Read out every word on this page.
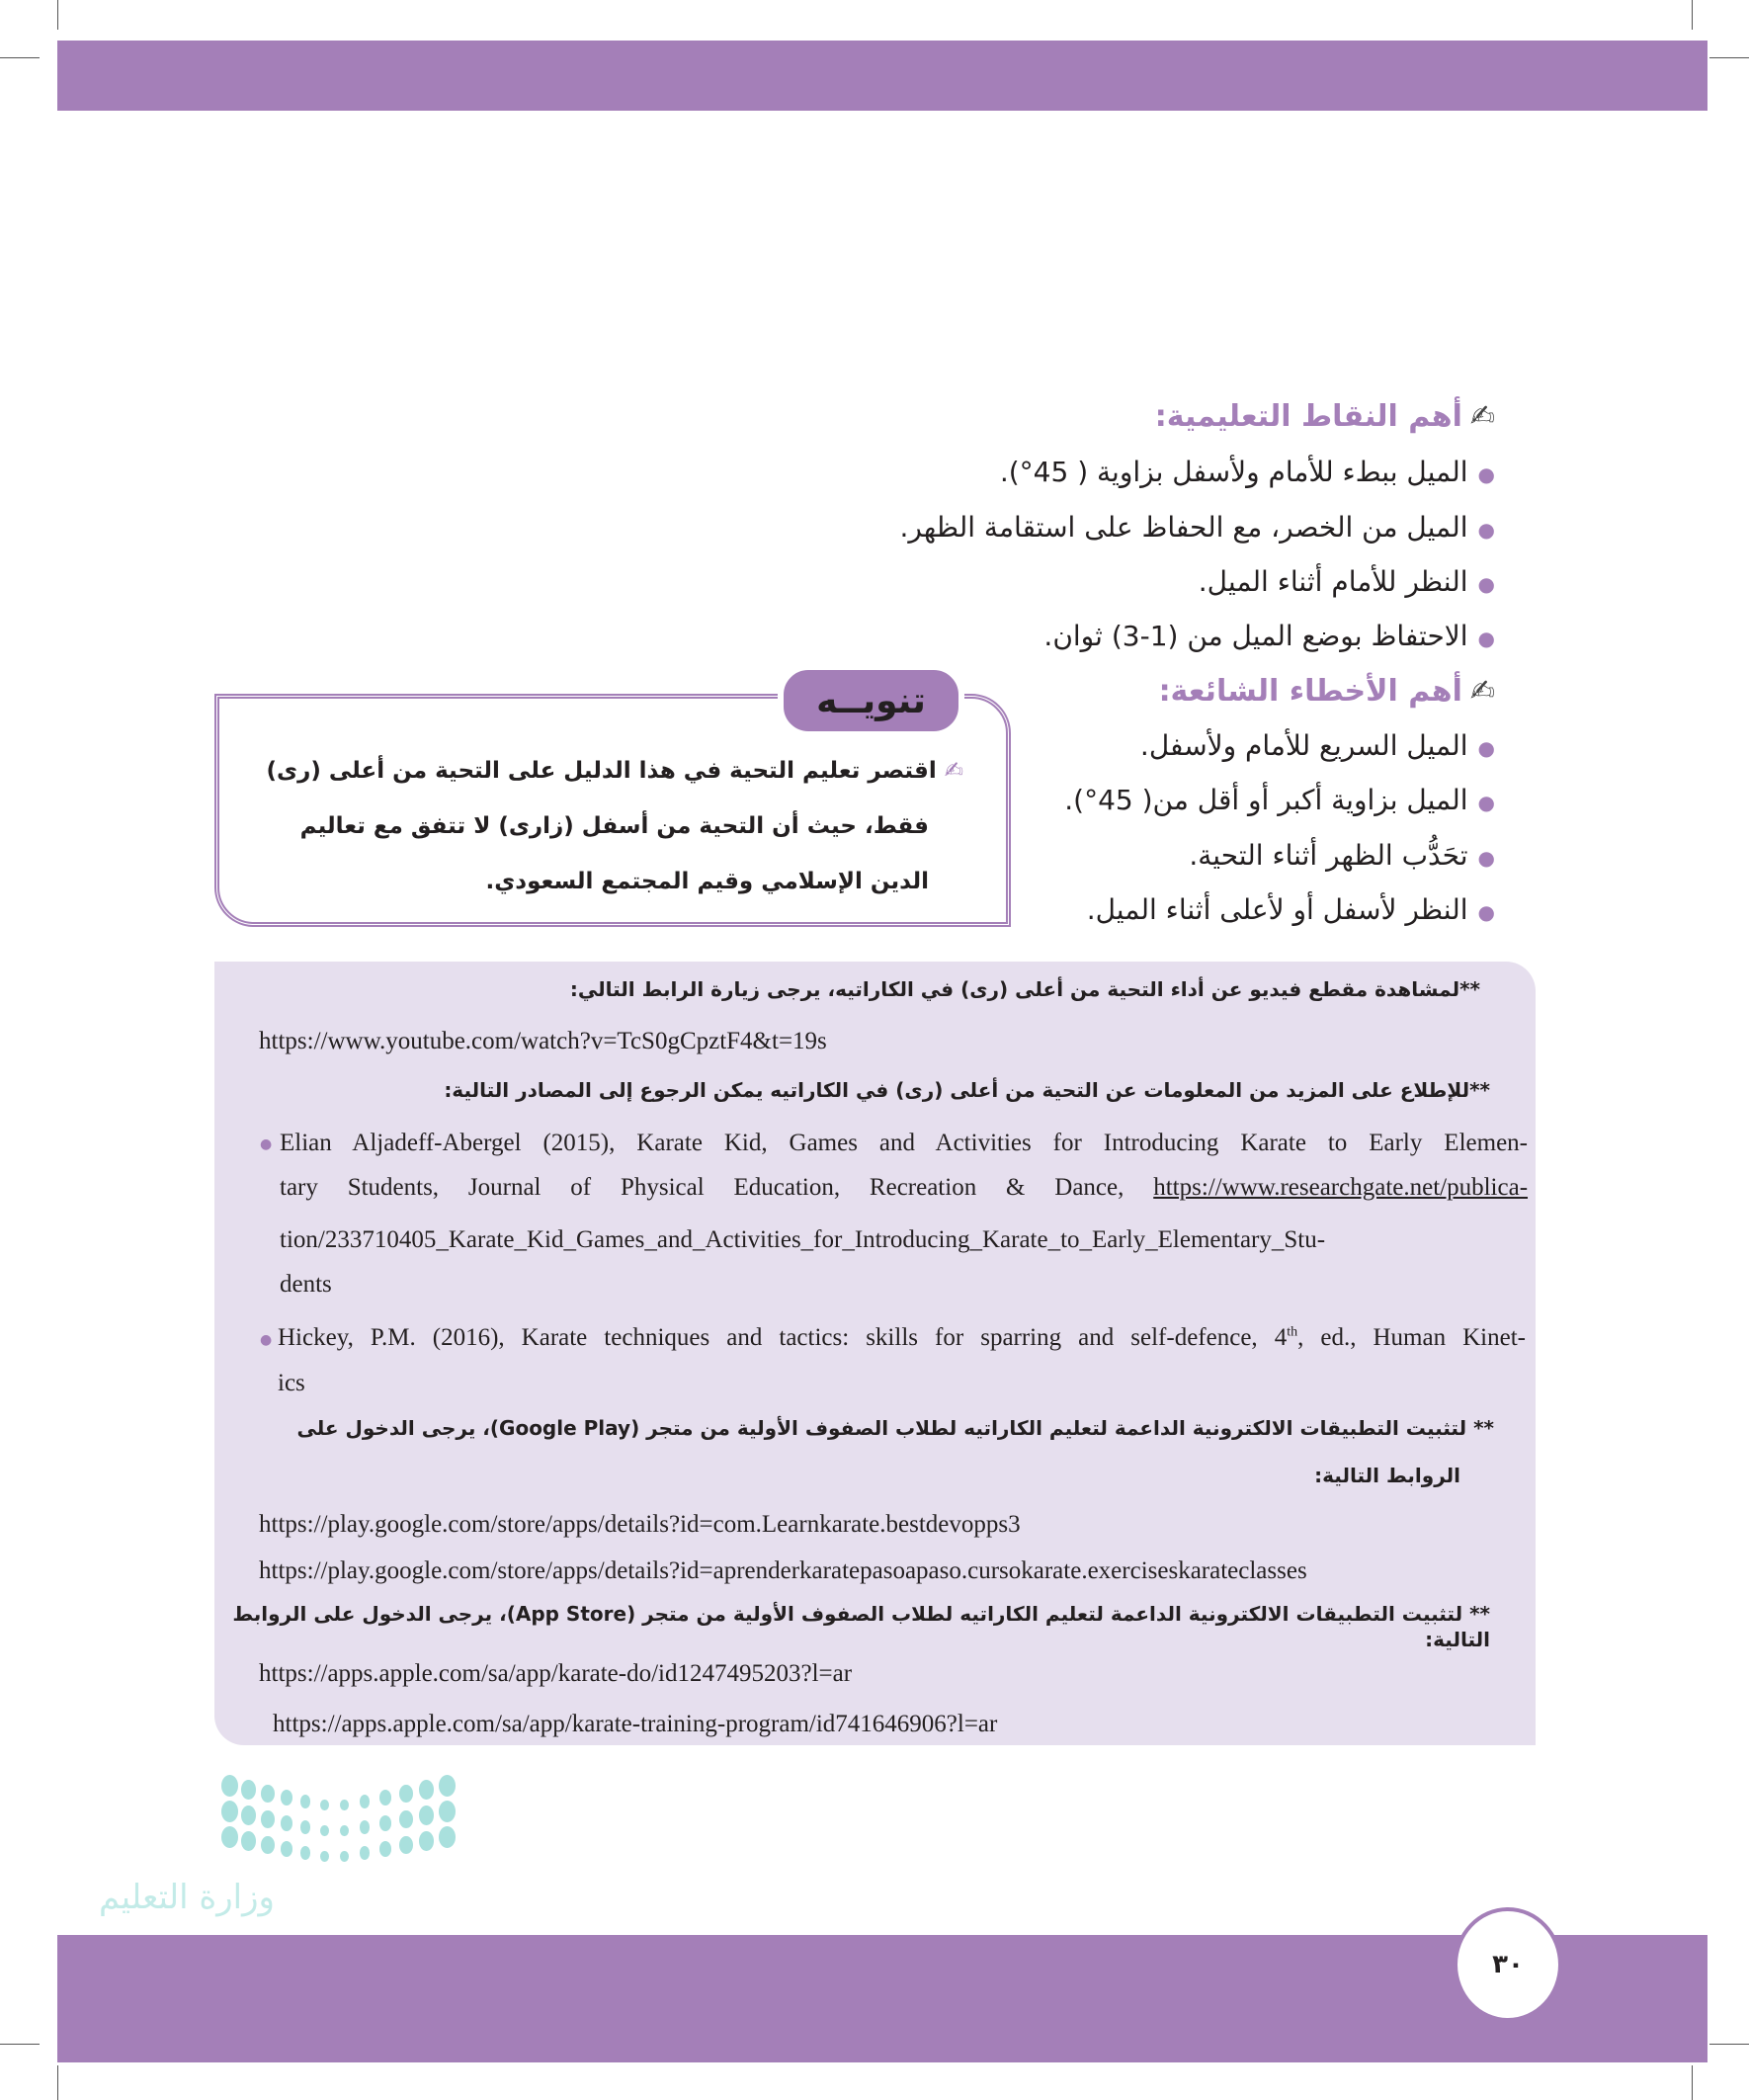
✍أهم النقاط التعليمية:
●الميل ببطء للأمام ولأسفل بزاوية ( 45°).
●الميل من الخصر، مع الحفاظ على استقامة الظهر.
●النظر للأمام أثناء الميل.
●الاحتفاظ بوضع الميل من (1-3) ثوان.
✍أهم الأخطاء الشائعة:
●الميل السريع للأمام ولأسفل.
●الميل بزاوية أكبر أو أقل من( 45°).
●تحَدُّب الظهر أثناء التحية.
●النظر لأسفل أو لأعلى أثناء الميل.
تنويــه
✍اقتصر تعليم التحية في هذا الدليل على التحية من أعلى (رى)
فقط، حيث أن التحية من أسفل (زارى) لا تتفق مع تعاليم
الدين الإسلامي وقيم المجتمع السعودي.
**لمشاهدة مقطع فيديو عن أداء التحية من أعلى (رى) في الكاراتيه، يرجى زيارة الرابط التالي:
https://www.youtube.com/watch?v=TcS0gCpztF4&t=19s
**للإطلاع على المزيد من المعلومات عن التحية من أعلى (رى) في الكاراتيه يمكن الرجوع إلى المصادر التالية:
● Elian Aljadeff-Abergel (2015), Karate Kid, Games and Activities for Introducing Karate to Early Elemen-
tary Students, Journal of Physical Education, Recreation & Dance, https://www.researchgate.net/publica-
tion/233710405_Karate_Kid_Games_and_Activities_for_Introducing_Karate_to_Early_Elementary_Stu-
dents
● Hickey, P.M. (2016), Karate techniques and tactics: skills for sparring and self-defence, 4th, ed., Human Kinet-
ics
** لتثبيت التطبيقات الالكترونية الداعمة لتعليم الكاراتيه لطلاب الصفوف الأولية من متجر (Google Play)، يرجى الدخول على
الروابط التالية:
https://play.google.com/store/apps/details?id=com.Learnkarate.bestdevopps3
https://play.google.com/store/apps/details?id=aprenderkaratepasoapaso.cursokarate.exerciseskarateclasses
** لتثبيت التطبيقات الالكترونية الداعمة لتعليم الكاراتيه لطلاب الصفوف الأولية من متجر (App Store)، يرجى الدخول على الروابط التالية:
https://apps.apple.com/sa/app/karate-do/id1247495203?l=ar
https://apps.apple.com/sa/app/karate-training-program/id741646906?l=ar
وزارة التعليم
٣٠
